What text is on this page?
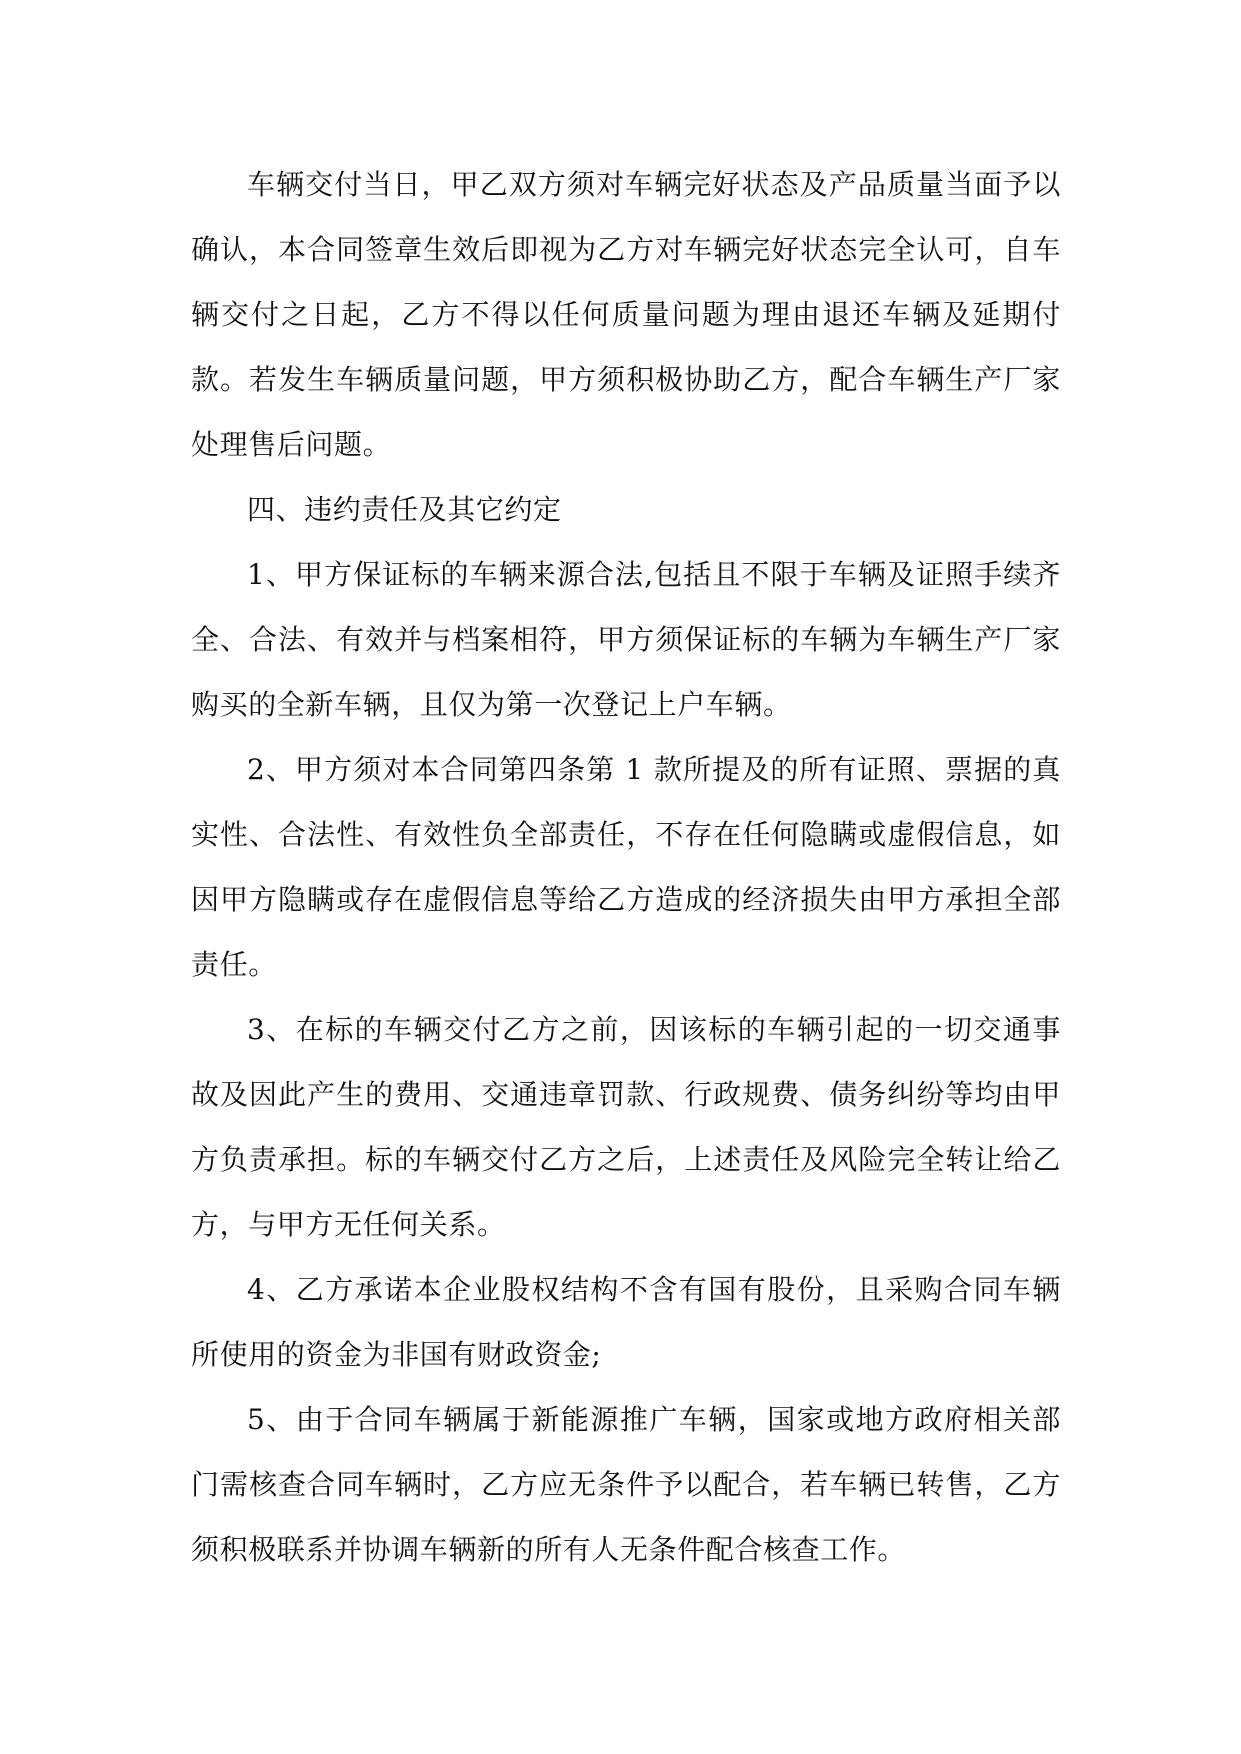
车辆交付当日，甲乙双方须对车辆完好状态及产品质量当面予以确认，本合同签章生效后即视为乙方对车辆完好状态完全认可，自车辆交付之日起，乙方不得以任何质量问题为理由退还车辆及延期付款。若发生车辆质量问题，甲方须积极协助乙方，配合车辆生产厂家处理售后问题。

四、违约责任及其它约定

1、甲方保证标的车辆来源合法,包括且不限于车辆及证照手续齐全、合法、有效并与档案相符，甲方须保证标的车辆为车辆生产厂家购买的全新车辆，且仅为第一次登记上户车辆。

2、甲方须对本合同第四条第 1 款所提及的所有证照、票据的真实性、合法性、有效性负全部责任，不存在任何隐瞒或虚假信息，如因甲方隐瞒或存在虚假信息等给乙方造成的经济损失由甲方承担全部责任。

3、在标的车辆交付乙方之前，因该标的车辆引起的一切交通事故及因此产生的费用、交通违章罚款、行政规费、债务纠纷等均由甲方负责承担。标的车辆交付乙方之后，上述责任及风险完全转让给乙方，与甲方无任何关系。

4、乙方承诺本企业股权结构不含有国有股份，且采购合同车辆所使用的资金为非国有财政资金;

5、由于合同车辆属于新能源推广车辆，国家或地方政府相关部门需核查合同车辆时，乙方应无条件予以配合，若车辆已转售，乙方须积极联系并协调车辆新的所有人无条件配合核查工作。
